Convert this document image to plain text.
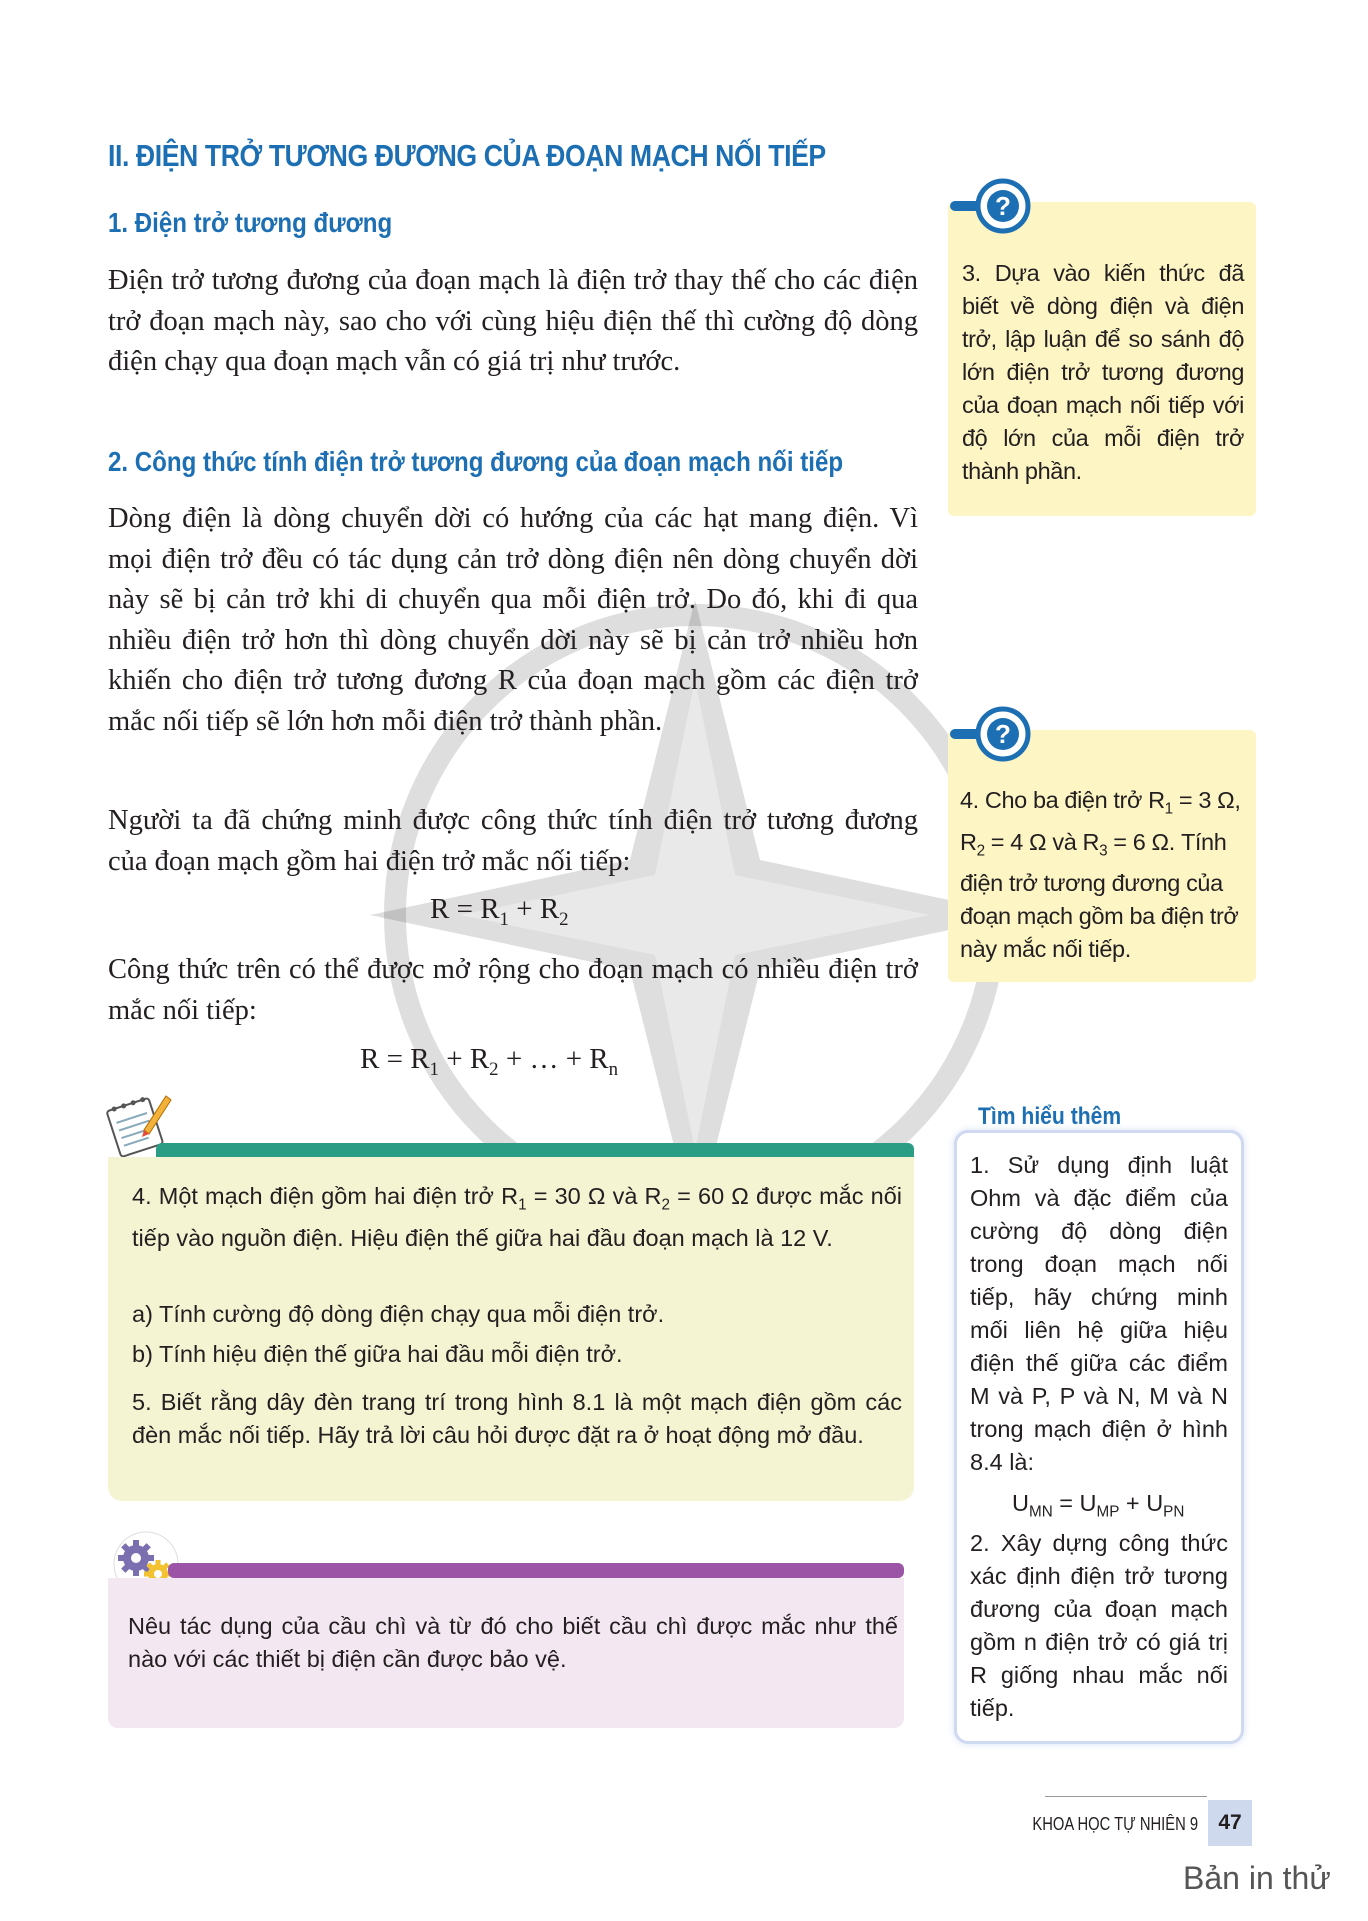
II. ĐIỆN TRỞ TƯƠNG ĐƯƠNG CỦA ĐOẠN MẠCH NỐI TIẾP
1. Điện trở tương đương
Điện trở tương đương của đoạn mạch là điện trở thay thế cho các điện trở đoạn mạch này, sao cho với cùng hiệu điện thế thì cường độ dòng điện chạy qua đoạn mạch vẫn có giá trị như trước.
2. Công thức tính điện trở tương đương của đoạn mạch nối tiếp
Dòng điện là dòng chuyển dời có hướng của các hạt mang điện. Vì mọi điện trở đều có tác dụng cản trở dòng điện nên dòng chuyển dời này sẽ bị cản trở khi di chuyển qua mỗi điện trở. Do đó, khi đi qua nhiều điện trở hơn thì dòng chuyển dời này sẽ bị cản trở nhiều hơn khiến cho điện trở tương đương R của đoạn mạch gồm các điện trở mắc nối tiếp sẽ lớn hơn mỗi điện trở thành phần.
Người ta đã chứng minh được công thức tính điện trở tương đương của đoạn mạch gồm hai điện trở mắc nối tiếp:
$R = R_1 + R_2$
Công thức trên có thể được mở rộng cho đoạn mạch có nhiều điện trở mắc nối tiếp:
$R = R_1 + R_2$ + … + $R_n$
?
3. Dựa vào kiến thức đã biết về dòng điện và điện trở, lập luận để so sánh độ lớn điện trở tương đương của đoạn mạch nối tiếp với độ lớn của mỗi điện trở thành phần.
?
4. Cho ba điện trở $R_1 = 3$ Ω,
$R_2 = 4$ Ω và $R_3 = 6$ Ω. Tính
điện trở tương đương của đoạn mạch gồm ba điện trở này mắc nối tiếp.
4. Một mạch điện gồm hai điện trở $R_1 = 30$ Ω và $R_2 = 60$ Ω được mắc nối tiếp vào nguồn điện. Hiệu điện thế giữa hai đầu đoạn mạch là 12 V.
a) Tính cường độ dòng điện chạy qua mỗi điện trở.
b) Tính hiệu điện thế giữa hai đầu mỗi điện trở.
5. Biết rằng dây đèn trang trí trong hình 8.1 là một mạch điện gồm các đèn mắc nối tiếp. Hãy trả lời câu hỏi được đặt ra ở hoạt động mở đầu.
Nêu tác dụng của cầu chì và từ đó cho biết cầu chì được mắc như thế nào với các thiết bị điện cần được bảo vệ.
Tìm hiểu thêm
1. Sử dụng định luật Ohm và đặc điểm của cường độ dòng điện trong đoạn mạch nối tiếp, hãy chứng minh mối liên hệ giữa hiệu điện thế giữa các điểm M và P, P và N, M và N trong mạch điện ở hình 8.4 là:
$U_{MN} = U_{MP} + U_{PN}$
2. Xây dựng công thức xác định điện trở tương đương của đoạn mạch gồm n điện trở có giá trị R giống nhau mắc nối tiếp.
KHOA HỌC TỰ NHIÊN 9 47
Bản in thử
